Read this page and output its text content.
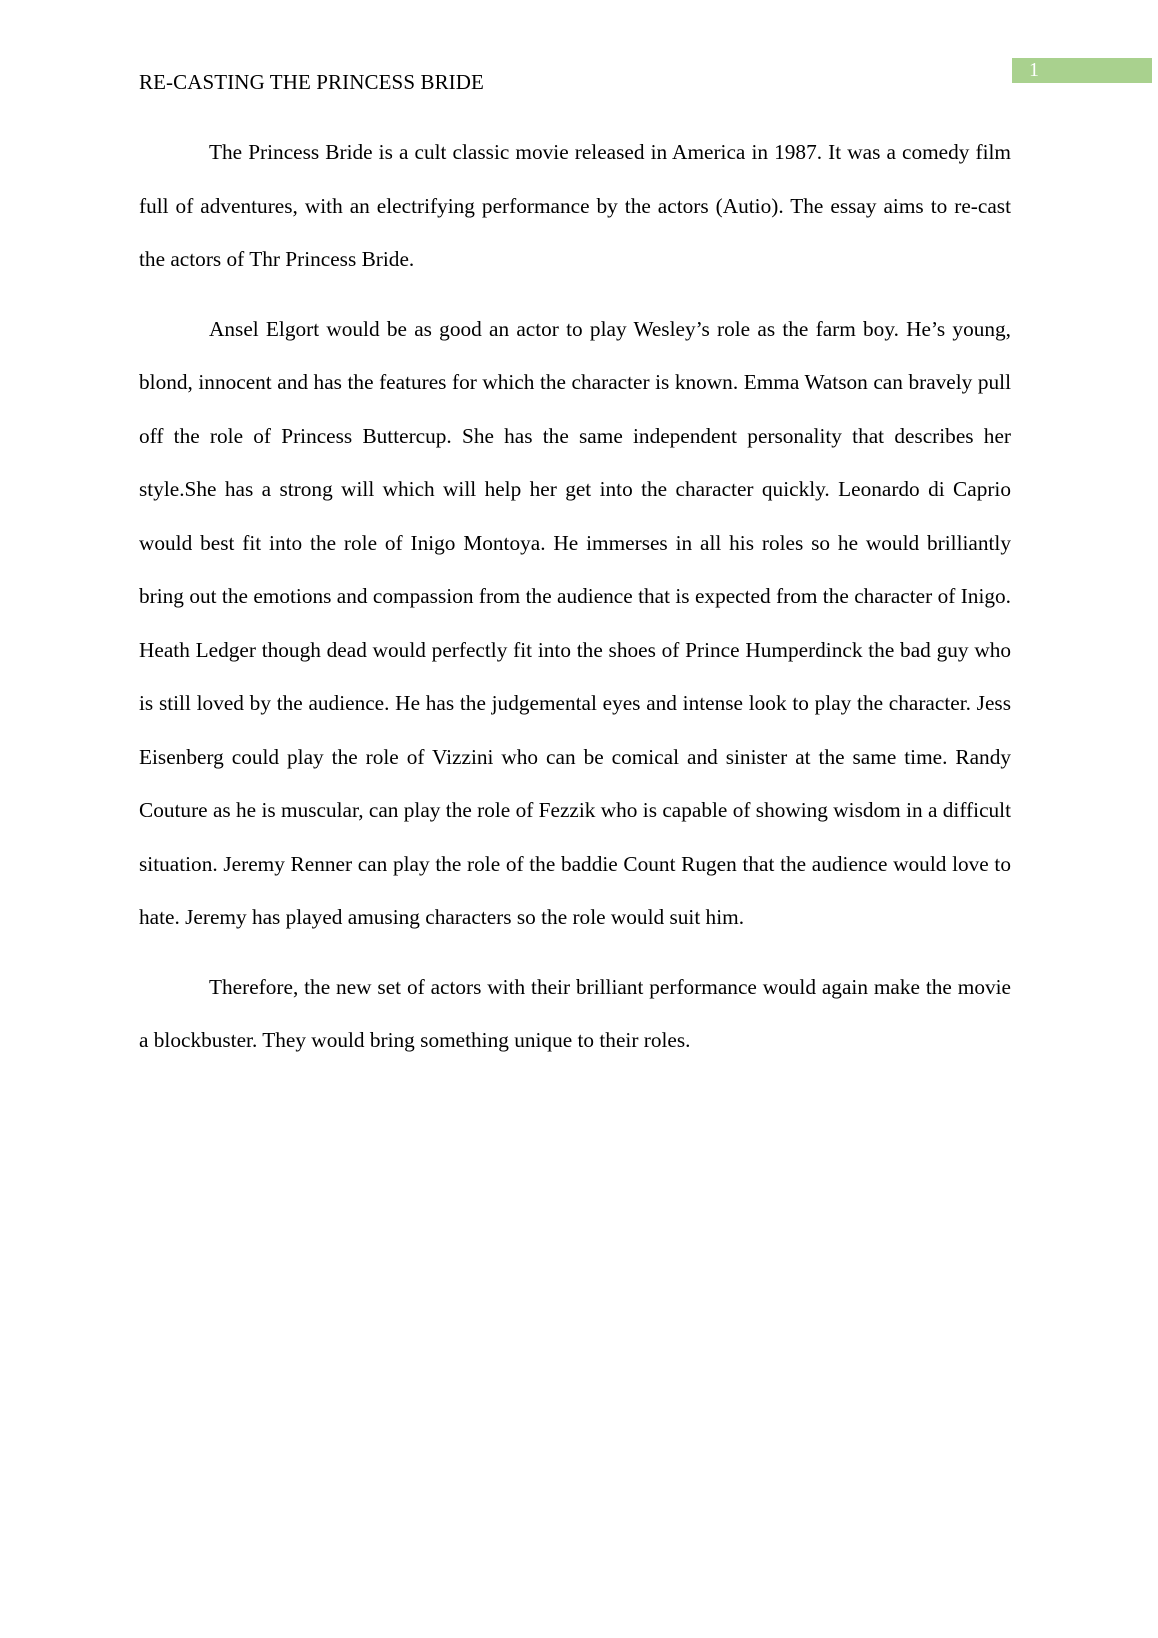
RE-CASTING THE PRINCESS BRIDE	1

The Princess Bride is a cult classic movie released in America in 1987. It was a comedy film full of adventures, with an electrifying performance by the actors (Autio). The essay aims to re-cast the actors of Thr Princess Bride.

Ansel Elgort would be as good an actor to play Wesley’s role as the farm boy. He’s young, blond, innocent and has the features for which the character is known. Emma Watson can bravely pull off the role of Princess Buttercup. She has the same independent personality that describes her style.She has a strong will which will help her get into the character quickly. Leonardo di Caprio would best fit into the role of Inigo Montoya. He immerses in all his roles so he would brilliantly bring out the emotions and compassion from the audience that is expected from the character of Inigo. Heath Ledger though dead would perfectly fit into the shoes of Prince Humperdinck the bad guy who is still loved by the audience. He has the judgemental eyes and intense look to play the character. Jess Eisenberg could play the role of Vizzini who can be comical and sinister at the same time. Randy Couture as he is muscular, can play the role of Fezzik who is capable of showing wisdom in a difficult situation. Jeremy Renner can play the role of the baddie Count Rugen that the audience would love to hate. Jeremy has played amusing characters so the role would suit him.

Therefore, the new set of actors with their brilliant performance would again make the movie a blockbuster. They would bring something unique to their roles.
